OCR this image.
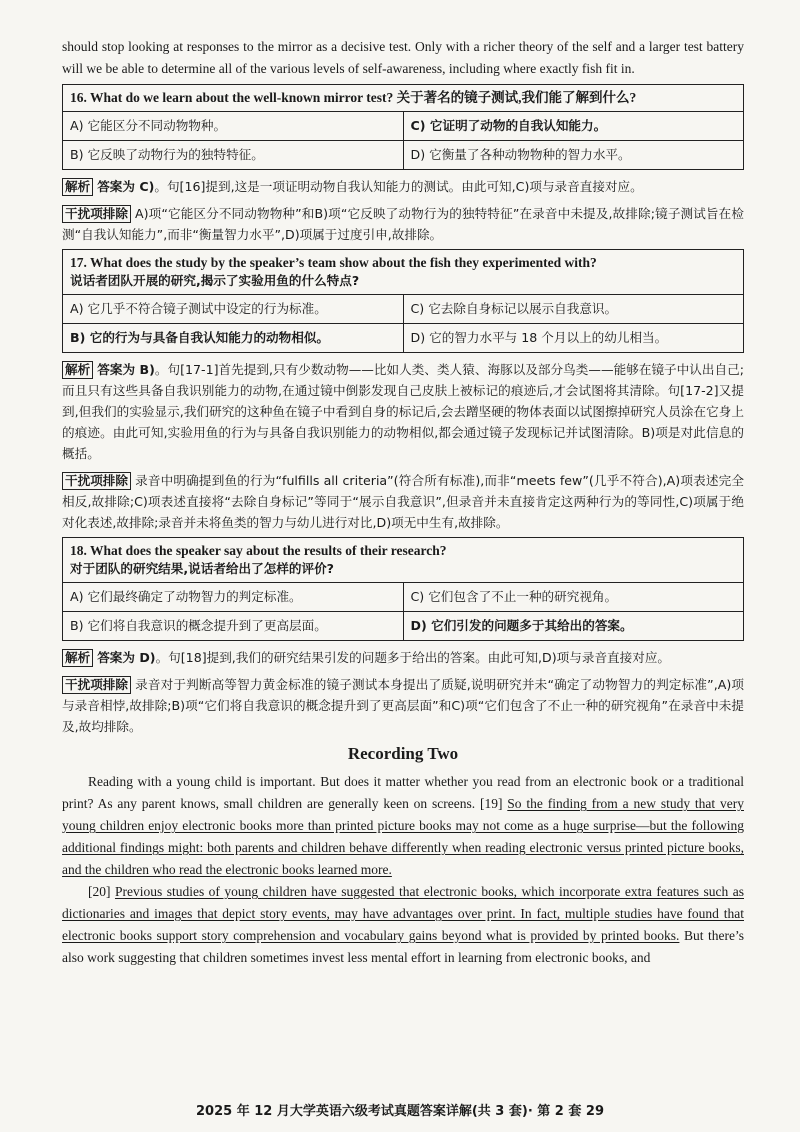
should stop looking at responses to the mirror as a decisive test. Only with a richer theory of the self and a larger test battery will we be able to determine all of the various levels of self-awareness, including where exactly fish fit in.

16. What do we learn about the well-known mirror test? 关于著名的镜子测试,我们能了解到什么?	
A) 它能区分不同动物物种。	C) 它证明了动物的自我认知能力。
B) 它反映了动物行为的独特特征。	D) 它衡量了各种动物物种的智力水平。

解析 答案为 C)。句[16]提到,这是一项证明动物自我认知能力的测试。由此可知,C)项与录音直接对应。

干扰项排除 A)项“它能区分不同动物物种”和B)项“它反映了动物行为的独特特征”在录音中未提及,故排除;镜子测试旨在检测“自我认知能力”,而非“衡量智力水平”,D)项属于过度引申,故排除。

17. What does the study by the speaker’s team show about the fish they experimented with?
说话者团队开展的研究,揭示了实验用鱼的什么特点?	

A) 它几乎不符合镜子测试中设定的行为标准。	C) 它去除自身标记以展示自我意识。
B) 它的行为与具备自我认知能力的动物相似。	D) 它的智力水平与 18 个月以上的幼儿相当。

解析 答案为 B)。句[17-1]首先提到,只有少数动物——比如人类、类人猿、海豚以及部分鸟类——能够在镜子中认出自己;而且只有这些具备自我识别能力的动物,在通过镜中倒影发现自己皮肤上被标记的痕迹后,才会试图将其清除。句[17-2]又提到,但我们的实验显示,我们研究的这种鱼在镜子中看到自身的标记后,会去蹭坚硬的物体表面以试图擦掉研究人员涂在它身上的痕迹。由此可知,实验用鱼的行为与具备自我识别能力的动物相似,都会通过镜子发现标记并试图清除。B)项是对此信息的概括。

干扰项排除 录音中明确提到鱼的行为“fulfills all criteria”(符合所有标准),而非“meets few”(几乎不符合),A)项表述完全相反,故排除;C)项表述直接将“去除自身标记”等同于“展示自我意识”,但录音并未直接肯定这两种行为的等同性,C)项属于绝对化表述,故排除;录音并未将鱼类的智力与幼儿进行对比,D)项无中生有,故排除。

18. What does the speaker say about the results of their research?
对于团队的研究结果,说话者给出了怎样的评价?	

A) 它们最终确定了动物智力的判定标准。	C) 它们包含了不止一种的研究视角。
B) 它们将自我意识的概念提升到了更高层面。	D) 它们引发的问题多于其给出的答案。

解析 答案为 D)。句[18]提到,我们的研究结果引发的问题多于给出的答案。由此可知,D)项与录音直接对应。

干扰项排除 录音对于判断高等智力黄金标准的镜子测试本身提出了质疑,说明研究并未“确定了动物智力的判定标准”,A)项与录音相悖,故排除;B)项“它们将自我意识的概念提升到了更高层面”和C)项“它们包含了不止一种的研究视角”在录音中未提及,故均排除。

Recording Two

Reading with a young child is important. But does it matter whether you read from an electronic book or a traditional print? As any parent knows, small children are generally keen on screens. [19] So the finding from a new study that very young children enjoy electronic books more than printed picture books may not come as a huge surprise—but the following additional findings might: both parents and children behave differently when reading electronic versus printed picture books, and the children who read the electronic books learned more.

[20] Previous studies of young children have suggested that electronic books, which incorporate extra features such as dictionaries and images that depict story events, may have advantages over print. In fact, multiple studies have found that electronic books support story comprehension and vocabulary gains beyond what is provided by printed books. But there’s also work suggesting that children sometimes invest less mental effort in learning from electronic books, and

2025 年 12 月大学英语六级考试真题答案详解(共 3 套)· 第 2 套 29
